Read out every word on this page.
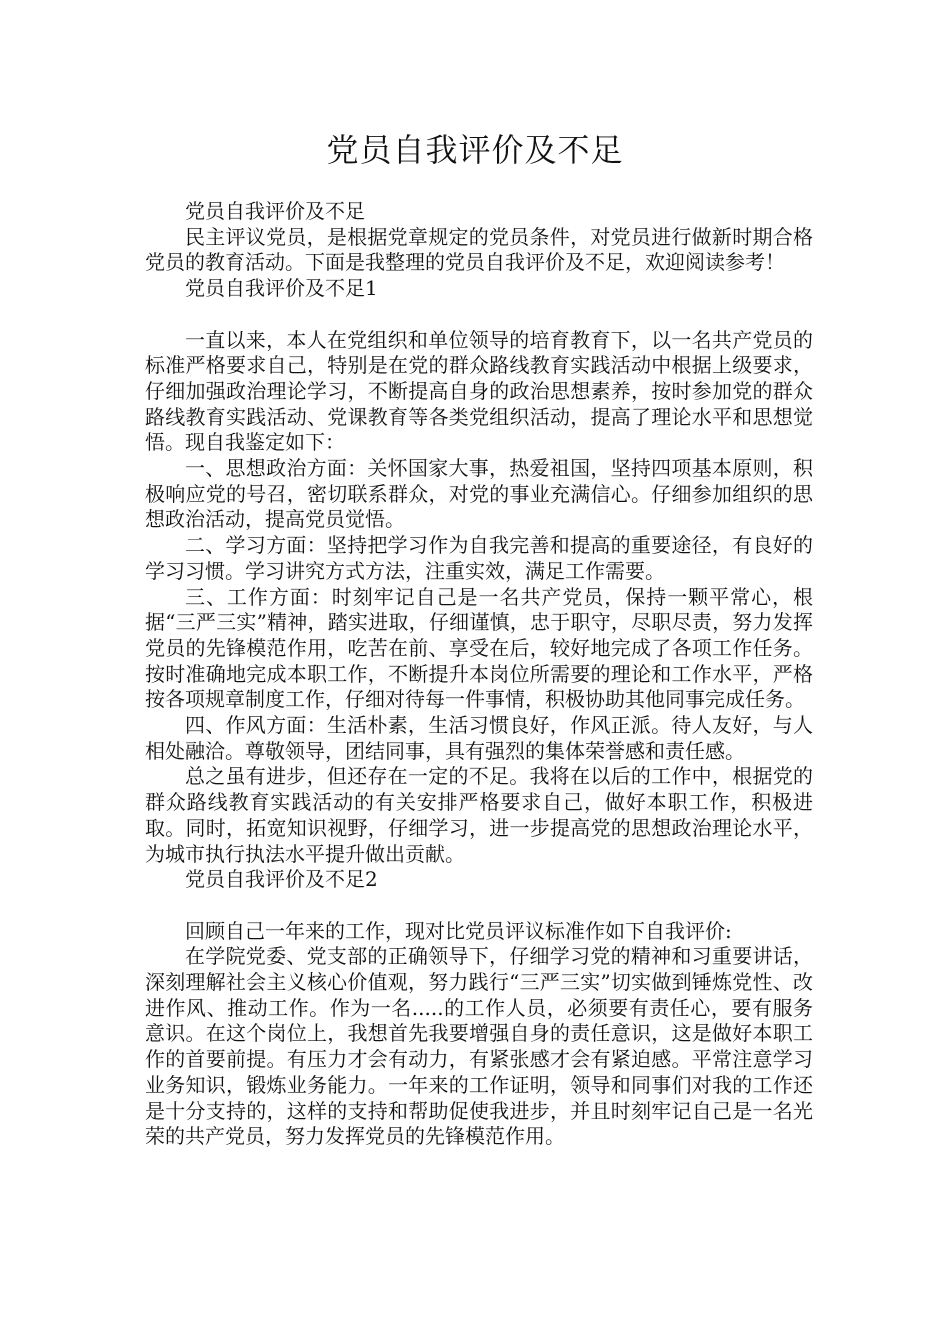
党员自我评价及不足

党员自我评价及不足

民主评议党员，是根据党章规定的党员条件，对党员进行做新时期合格党员的教育活动。下面是我整理的党员自我评价及不足，欢迎阅读参考！

党员自我评价及不足1

一直以来，本人在党组织和单位领导的培育教育下，以一名共产党员的标准严格要求自己，特别是在党的群众路线教育实践活动中根据上级要求，仔细加强政治理论学习，不断提高自身的政治思想素养，按时参加党的群众路线教育实践活动、党课教育等各类党组织活动，提高了理论水平和思想觉悟。现自我鉴定如下：

一、思想政治方面：关怀国家大事，热爱祖国，坚持四项基本原则，积极响应党的号召，密切联系群众，对党的事业充满信心。仔细参加组织的思想政治活动，提高党员觉悟。

二、学习方面：坚持把学习作为自我完善和提高的重要途径，有良好的学习习惯。学习讲究方式方法，注重实效，满足工作需要。

三、工作方面：时刻牢记自己是一名共产党员，保持一颗平常心，根据“三严三实”精神，踏实进取，仔细谨慎，忠于职守，尽职尽责，努力发挥党员的先锋模范作用，吃苦在前、享受在后，较好地完成了各项工作任务。按时准确地完成本职工作，不断提升本岗位所需要的理论和工作水平，严格按各项规章制度工作，仔细对待每一件事情，积极协助其他同事完成任务。

四、作风方面：生活朴素，生活习惯良好，作风正派。待人友好，与人相处融洽。尊敬领导，团结同事，具有强烈的集体荣誉感和责任感。

总之虽有进步，但还存在一定的不足。我将在以后的工作中，根据党的群众路线教育实践活动的有关安排严格要求自己，做好本职工作，积极进取。同时，拓宽知识视野，仔细学习，进一步提高党的思想政治理论水平，为城市执行执法水平提升做出贡献。

党员自我评价及不足2

回顾自己一年来的工作，现对比党员评议标准作如下自我评价:

在学院党委、党支部的正确领导下，仔细学习党的精神和习重要讲话，深刻理解社会主义核心价值观，努力践行“三严三实”切实做到锤炼党性、改进作风、推动工作。作为一名.....的工作人员，必须要有责任心，要有服务意识。在这个岗位上，我想首先我要增强自身的责任意识，这是做好本职工作的首要前提。有压力才会有动力，有紧张感才会有紧迫感。平常注意学习业务知识，锻炼业务能力。一年来的工作证明，领导和同事们对我的工作还是十分支持的，这样的支持和帮助促使我进步，并且时刻牢记自己是一名光荣的共产党员，努力发挥党员的先锋模范作用。
